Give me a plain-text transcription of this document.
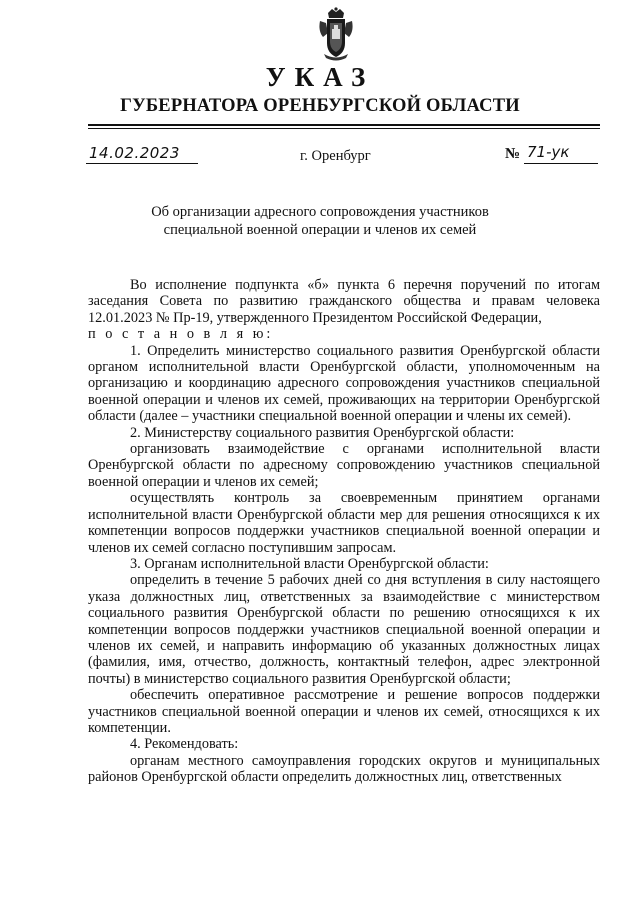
УКАЗ
ГУБЕРНАТОРА ОРЕНБУРГСКОЙ ОБЛАСТИ
14.02.2023	г. Оренбург	№ 71-ук
Об организации адресного сопровождения участников
специальной военной операции и членов их семей

Во исполнение подпункта «б» пункта 6 перечня поручений по итогам заседания Совета по развитию гражданского общества и правам человека 12.01.2023 № Пр-19, утвержденного Президентом Российской Федерации,

п о с т а н о в л я ю:

1. Определить министерство социального развития Оренбургской области органом исполнительной власти Оренбургской области, уполномоченным на организацию и координацию адресного сопровождения участников специальной военной операции и членов их семей, проживающих на территории Оренбургской области (далее – участники специальной военной операции и члены их семей).

2. Министерству социального развития Оренбургской области:

организовать взаимодействие с органами исполнительной власти Оренбургской области по адресному сопровождению участников специальной военной операции и членов их семей;

осуществлять контроль за своевременным принятием органами исполнительной власти Оренбургской области мер для решения относящихся к их компетенции вопросов поддержки участников специальной военной операции и членов их семей согласно поступившим запросам.

3. Органам исполнительной власти Оренбургской области:

определить в течение 5 рабочих дней со дня вступления в силу настоящего указа должностных лиц, ответственных за взаимодействие с министерством социального развития Оренбургской области по решению относящихся к их компетенции вопросов поддержки участников специальной военной операции и членов их семей, и направить информацию об указанных должностных лицах (фамилия, имя, отчество, должность, контактный телефон, адрес электронной почты) в министерство социального развития Оренбургской области;

обеспечить оперативное рассмотрение и решение вопросов поддержки участников специальной военной операции и членов их семей, относящихся к их компетенции.

4. Рекомендовать:

органам местного самоуправления городских округов и муниципальных районов Оренбургской области определить должностных лиц, ответственных
